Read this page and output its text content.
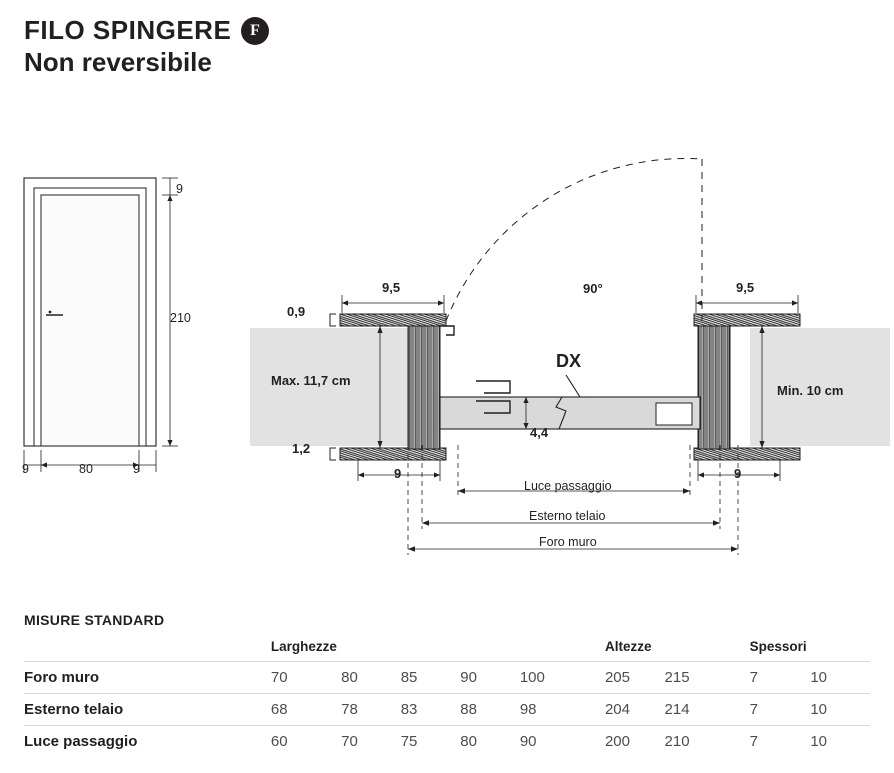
FILO SPINGERE	F
Non reversibile
9
210
9	80	9
9,5	9,5
0,9
1,2
Max. 11,7 cm
Min. 10 cm
4,4
90°
DX
9	9
Luce passaggio
Esterno telaio
Foro muro
MISURE STANDARD
	Larghezze						Altezze			Spessori	
Foro muro	70	80	85	90	100		205	215		7	10
Esterno telaio	68	78	83	88	98		204	214		7	10
Luce passaggio	60	70	75	80	90		200	210		7	10
